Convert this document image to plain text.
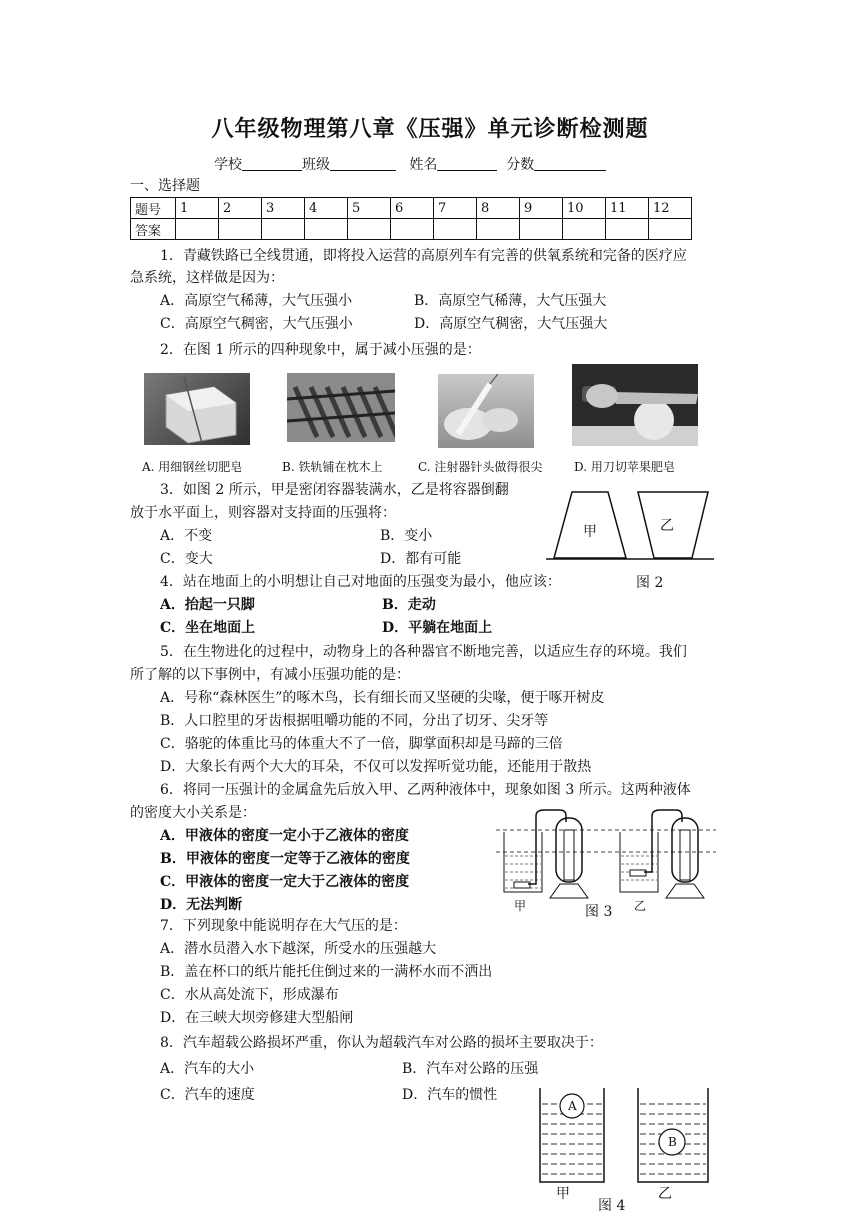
八年级物理第八章《压强》单元诊断检测题
学校	班级	姓名	分数
一、选择题
题号	1	2	3	4	5	6	7	8	9	10	11	12
答案												
1．青藏铁路已全线贯通，即将投入运营的高原列车有完善的供氧系统和完备的医疗应
急系统，这样做是因为：
A．高原空气稀薄，大气压强小	B．高原空气稀薄，大气压强大
C．高原空气稠密，大气压强小	D．高原空气稠密，大气压强大
2．在图 1 所示的四种现象中，属于减小压强的是：
A. 用细钢丝切肥皂	B. 铁轨铺在枕木上	C. 注射器针头做得很尖	D. 用刀切苹果肥皂
3．如图 2 所示，甲是密闭容器装满水，乙是将容器倒翻
放于水平面上，则容器对支持面的压强将：
A．不变	B．变小
C．变大	D．都有可能
甲	乙
图 2
4．站在地面上的小明想让自己对地面的压强变为最小，他应该：
A．抬起一只脚	B．走动
C．坐在地面上	D．平躺在地面上
5．在生物进化的过程中，动物身上的各种器官不断地完善，以适应生存的环境。我们
所了解的以下事例中，有减小压强功能的是：
A．号称“森林医生”的啄木鸟，长有细长而又坚硬的尖喙，便于啄开树皮
B．人口腔里的牙齿根据咀嚼功能的不同，分出了切牙、尖牙等
C．骆驼的体重比马的体重大不了一倍，脚掌面积却是马蹄的三倍
D．大象长有两个大大的耳朵，不仅可以发挥听觉功能，还能用于散热
6．将同一压强计的金属盒先后放入甲、乙两种液体中，现象如图 3 所示。这两种液体
的密度大小关系是：
A．甲液体的密度一定小于乙液体的密度
B．甲液体的密度一定等于乙液体的密度
C．甲液体的密度一定大于乙液体的密度
D．无法判断	甲	图 3 乙
7．下列现象中能说明存在大气压的是：
A．潜水员潜入水下越深，所受水的压强越大
B．盖在杯口的纸片能托住倒过来的一满杯水而不洒出
C．水从高处流下，形成瀑布
D．在三峡大坝旁修建大型船闸
8．汽车超载公路损坏严重，你认为超载汽车对公路的损坏主要取决于：
A．汽车的大小	B．汽车对公路的压强
C．汽车的速度	D．汽车的惯性
A
B
甲	乙
图 4
